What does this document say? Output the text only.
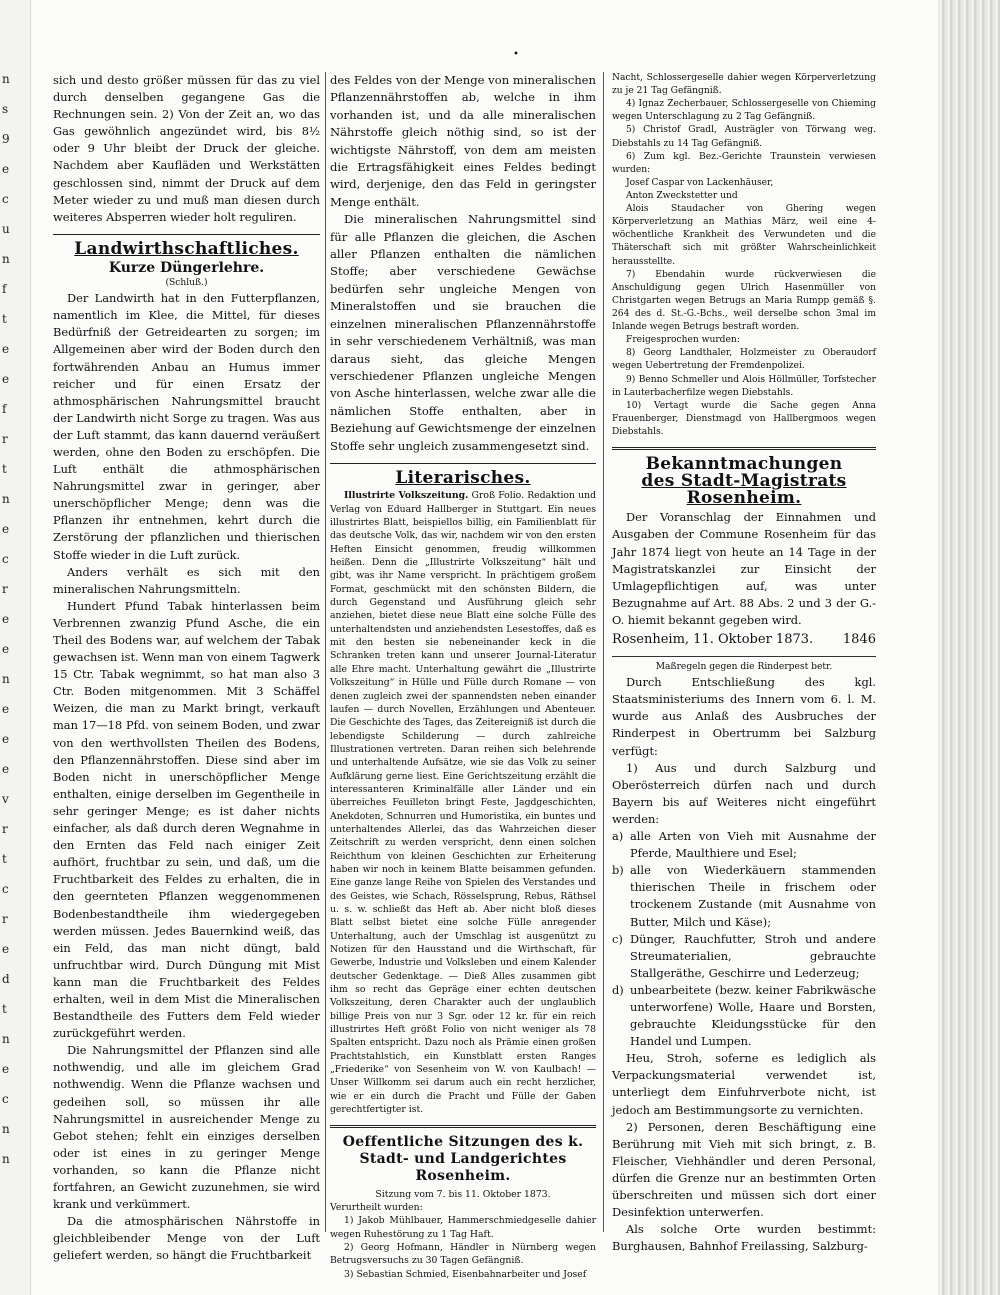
n
s
9
e
c
u
n
f
t
e
e
f
r
t
n
e
c
r
e
e
n
e
e
e
v
r
t
c
r
e
d
t
n
e
c
n
n
•

sich und desto größer müssen für das zu viel durch denselben gegangene Gas die Rechnungen sein. 2) Von der Zeit an, wo das Gas gewöhnlich angezündet wird, bis 8½ oder 9 Uhr bleibt der Druck der gleiche. Nachdem aber Kaufläden und Werkstätten geschlossen sind, nimmt der Druck auf dem Meter wieder zu und muß man diesen durch weiteres Absperren wieder holt reguliren.

Landwirthschaftliches.
Kurze Düngerlehre.
(Schluß.)

Der Landwirth hat in den Futterpflanzen, namentlich im Klee, die Mittel, für dieses Bedürfniß der Getreidearten zu sorgen; im Allgemeinen aber wird der Boden durch den fortwährenden Anbau an Humus immer reicher und für einen Ersatz der athmosphärischen Nahrungsmittel braucht der Landwirth nicht Sorge zu tragen. Was aus der Luft stammt, das kann dauernd veräußert werden, ohne den Boden zu erschöpfen. Die Luft enthält die athmosphärischen Nahrungsmittel zwar in geringer, aber unerschöpflicher Menge; denn was die Pflanzen ihr entnehmen, kehrt durch die Zerstörung der pflanzlichen und thierischen Stoffe wieder in die Luft zurück.

Anders verhält es sich mit den mineralischen Nahrungsmitteln.

Hundert Pfund Tabak hinterlassen beim Verbrennen zwanzig Pfund Asche, die ein Theil des Bodens war, auf welchem der Tabak gewachsen ist. Wenn man von einem Tagwerk 15 Ctr. Tabak wegnimmt, so hat man also 3 Ctr. Boden mitgenommen. Mit 3 Schäffel Weizen, die man zu Markt bringt, verkauft man 17—18 Pfd. von seinem Boden, und zwar von den werthvollsten Theilen des Bodens, den Pflanzennährstoffen. Diese sind aber im Boden nicht in unerschöpflicher Menge enthalten, einige derselben im Gegentheile in sehr geringer Menge; es ist daher nichts einfacher, als daß durch deren Wegnahme in den Ernten das Feld nach einiger Zeit aufhört, fruchtbar zu sein, und daß, um die Fruchtbarkeit des Feldes zu erhalten, die in den geernteten Pflanzen weggenommenen Bodenbestandtheile ihm wiedergegeben werden müssen. Jedes Bauernkind weiß, das ein Feld, das man nicht düngt, bald unfruchtbar wird. Durch Düngung mit Mist kann man die Fruchtbarkeit des Feldes erhalten, weil in dem Mist die Mineralischen Bestandtheile des Futters dem Feld wieder zurückgeführt werden.

Die Nahrungsmittel der Pflanzen sind alle nothwendig, und alle im gleichem Grad nothwendig. Wenn die Pflanze wachsen und gedeihen soll, so müssen ihr alle Nahrungsmittel in ausreichender Menge zu Gebot stehen; fehlt ein einziges derselben oder ist eines in zu geringer Menge vorhanden, so kann die Pflanze nicht fortfahren, an Gewicht zuzunehmen, sie wird krank und verkümmert.

Da die atmosphärischen Nährstoffe in gleichbleibender Menge von der Luft geliefert werden, so hängt die Fruchtbarkeit

des Feldes von der Menge von mineralischen Pflanzennährstoffen ab, welche in ihm vorhanden ist, und da alle mineralischen Nährstoffe gleich nöthig sind, so ist der wichtigste Nährstoff, von dem am meisten die Ertragsfähigkeit eines Feldes bedingt wird, derjenige, den das Feld in geringster Menge enthält.

Die mineralischen Nahrungsmittel sind für alle Pflanzen die gleichen, die Aschen aller Pflanzen enthalten die nämlichen Stoffe; aber verschiedene Gewächse bedürfen sehr ungleiche Mengen von Mineralstoffen und sie brauchen die einzelnen mineralischen Pflanzennährstoffe in sehr verschiedenem Verhältniß, was man daraus sieht, das gleiche Mengen verschiedener Pflanzen ungleiche Mengen von Asche hinterlassen, welche zwar alle die nämlichen Stoffe enthalten, aber in Beziehung auf Gewichtsmenge der einzelnen Stoffe sehr ungleich zusammengesetzt sind.

Literarisches.

Illustrirte Volkszeitung. Groß Folio. Redaktion und Verlag von Eduard Hallberger in Stuttgart. Ein neues illustrirtes Blatt, beispiellos billig, ein Familienblatt für das deutsche Volk, das wir, nachdem wir von den ersten Heften Einsicht genommen, freudig willkommen heißen. Denn die „Illustrirte Volkszeitung“ hält und gibt, was ihr Name verspricht. In prächtigem großem Format, geschmückt mit den schönsten Bildern, die durch Gegenstand und Ausführung gleich sehr anziehen, bietet diese neue Blatt eine solche Fülle des unterhaltendsten und anziehendsten Lesestoffes, daß es mit den besten sie nebeneinander keck in die Schranken treten kann und unserer Journal-Literatur alle Ehre macht. Unterhaltung gewährt die „Illustrirte Volkszeitung“ in Hülle und Fülle durch Romane — von denen zugleich zwei der spannendsten neben einander laufen — durch Novellen, Erzählungen und Abenteuer. Die Geschichte des Tages, das Zeitereigniß ist durch die lebendigste Schilderung — durch zahlreiche Illustrationen vertreten. Daran reihen sich belehrende und unterhaltende Aufsätze, wie sie das Volk zu seiner Aufklärung gerne liest. Eine Gerichtszeitung erzählt die interessanteren Kriminalfälle aller Länder und ein überreiches Feuilleton bringt Feste, Jagdgeschichten, Anekdoten, Schnurren und Humoristika, ein buntes und unterhaltendes Allerlei, das das Wahrzeichen dieser Zeitschrift zu werden verspricht, denn einen solchen Reichthum von kleinen Geschichten zur Erheiterung haben wir noch in keinem Blatte beisammen gefunden. Eine ganze lange Reihe von Spielen des Verstandes und des Geistes, wie Schach, Rösselsprung, Rebus, Räthsel u. s. w. schließt das Heft ab. Aber nicht bloß dieses Blatt selbst bietet eine solche Fülle anregender Unterhaltung, auch der Umschlag ist ausgenützt zu Notizen für den Hausstand und die Wirthschaft, für Gewerbe, Industrie und Volksleben und einem Kalender deutscher Gedenktage. — Dieß Alles zusammen gibt ihm so recht das Gepräge einer echten deutschen Volkszeitung, deren Charakter auch der unglaublich billige Preis von nur 3 Sgr. oder 12 kr. für ein reich illustrirtes Heft größt Folio von nicht weniger als 78 Spalten entspricht. Dazu noch als Prämie einen großen Prachtstahlstich, ein Kunstblatt ersten Ranges „Friederike“ von Sesenheim von W. von Kaulbach! — Unser Willkomm sei darum auch ein recht herzlicher, wie er ein durch die Pracht und Fülle der Gaben gerechtfertigter ist.

Oeffentliche Sitzungen des k. Stadt- und Landgerichtes Rosenheim.
Sitzung vom 7. bis 11. Oktober 1873.

Verurtheilt wurden:

1) Jakob Mühlbauer, Hammerschmiedgeselle dahier wegen Ruhestörung zu 1 Tag Haft.

2) Georg Hofmann, Händler in Nürnberg wegen Betrugsversuchs zu 30 Tagen Gefängniß.

3) Sebastian Schmied, Eisenbahnarbeiter und Josef

Nacht, Schlossergeselle dahier wegen Körperverletzung zu je 21 Tag Gefängniß.

4) Ignaz Zecherbauer, Schlossergeselle von Chieming wegen Unterschlagung zu 2 Tag Gefängniß.

5) Christof Gradl, Austrägler von Törwang weg. Diebstahls zu 14 Tag Gefängniß.

6) Zum kgl. Bez.-Gerichte Traunstein verwiesen wurden:

Josef Caspar von Lackenhäuser,

Anton Zweckstetter und

Alois Staudacher von Ghering wegen Körperverletzung an Mathias März, weil eine 4-wöchentliche Krankheit des Verwundeten und die Thäterschaft sich mit größter Wahrscheinlichkeit herausstellte.

7) Ebendahin wurde rückverwiesen die Anschuldigung gegen Ulrich Hasenmüller von Christgarten wegen Betrugs an Maria Rumpp gemäß §. 264 des d. St.-G.-Bchs., weil derselbe schon 3mal im Inlande wegen Betrugs bestraft worden.

Freigesprochen wurden:

8) Georg Landthaler, Holzmeister zu Oberaudorf wegen Uebertretung der Fremdenpolizei.

9) Benno Schmeller und Alois Höllmüller, Torfstecher in Lauterbacherfilze wegen Diebstahls.

10) Vertagt wurde die Sache gegen Anna Frauenberger, Dienstmagd von Hallbergmoos wegen Diebstahls.

Bekanntmachungen
des Stadt-Magistrats Rosenheim.

Der Voranschlag der Einnahmen und Ausgaben der Commune Rosenheim für das Jahr 1874 liegt von heute an 14 Tage in der Magistratskanzlei zur Einsicht der Umlagepflichtigen auf, was unter Bezugnahme auf Art. 88 Abs. 2 und 3 der G.-O. hiemit bekannt gegeben wird.

Rosenheim, 11. Oktober 1873. 1846
Maßregeln gegen die Rinderpest betr.

Durch Entschließung des kgl. Staatsministeriums des Innern vom 6. l. M. wurde aus Anlaß des Ausbruches der Rinderpest in Obertrumm bei Salzburg verfügt:

1) Aus und durch Salzburg und Oberösterreich dürfen nach und durch Bayern bis auf Weiteres nicht eingeführt werden:

a) alle Arten von Vieh mit Ausnahme der Pferde, Maulthiere und Esel;

b) alle von Wiederkäuern stammenden thierischen Theile in frischem oder trockenem Zustande (mit Ausnahme von Butter, Milch und Käse);

c) Dünger, Rauchfutter, Stroh und andere Streumaterialien, gebrauchte Stallgeräthe, Geschirre und Lederzeug;

d) unbearbeitete (bezw. keiner Fabrikwäsche unterworfene) Wolle, Haare und Borsten, gebrauchte Kleidungsstücke für den Handel und Lumpen.

Heu, Stroh, soferne es lediglich als Verpackungsmaterial verwendet ist, unterliegt dem Einfuhrverbote nicht, ist jedoch am Bestimmungsorte zu vernichten.

2) Personen, deren Beschäftigung eine Berührung mit Vieh mit sich bringt, z. B. Fleischer, Viehhändler und deren Personal, dürfen die Grenze nur an bestimmten Orten überschreiten und müssen sich dort einer Desinfektion unterwerfen.

Als solche Orte wurden bestimmt: Burghausen, Bahnhof Freilassing, Salzburg-
